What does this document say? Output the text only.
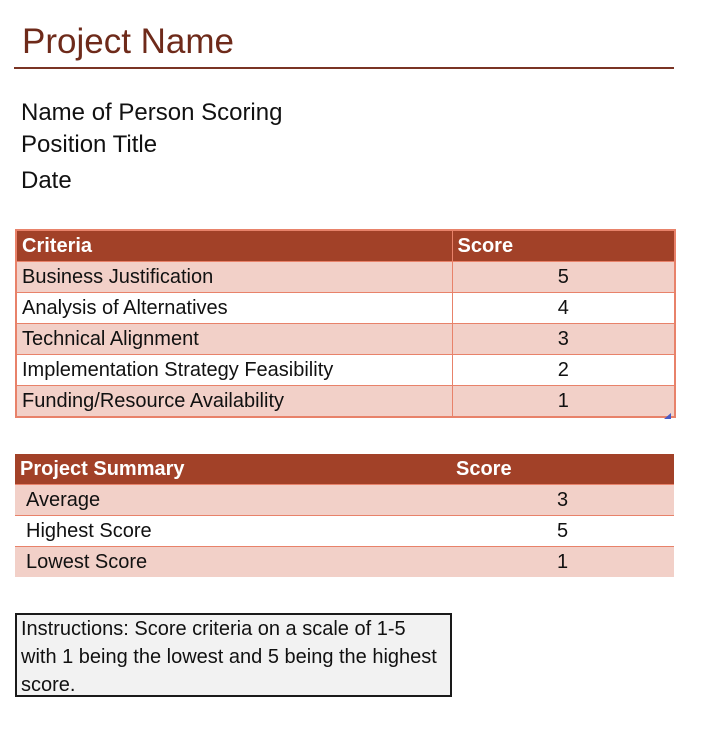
Project Name
Name of Person Scoring
Position Title
Date
Criteria	Score
Business Justification	5
Analysis of Alternatives	4
Technical Alignment	3
Implementation Strategy Feasibility	2
Funding/Resource Availability	1
Project Summary	Score
Average	3
Highest Score	5
Lowest Score	1
Instructions: Score criteria on a scale of 1-5 with 1 being the lowest and 5 being the highest score.
